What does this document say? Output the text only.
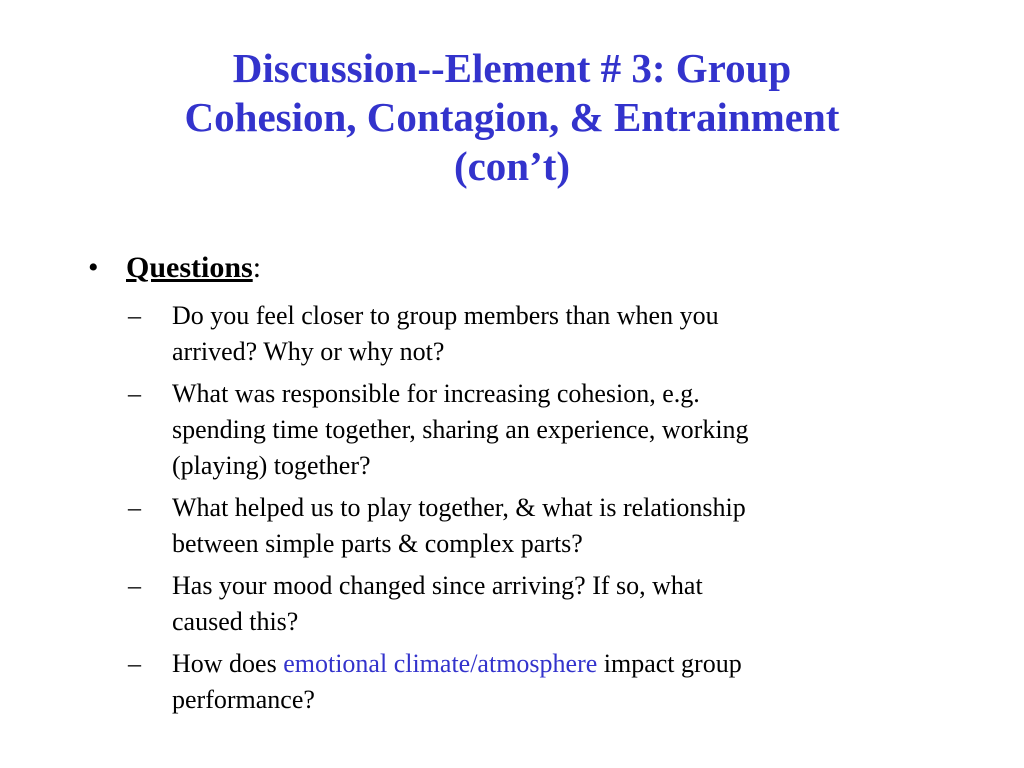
Discussion--Element # 3: Group
Cohesion, Contagion, & Entrainment
(con’t)
• Questions:
– Do you feel closer to group members than when you
arrived? Why or why not?
– What was responsible for increasing cohesion, e.g.
spending time together, sharing an experience, working
(playing) together?
– What helped us to play together, & what is relationship
between simple parts & complex parts?
– Has your mood changed since arriving? If so, what
caused this?
– How does emotional climate/atmosphere impact group
performance?
